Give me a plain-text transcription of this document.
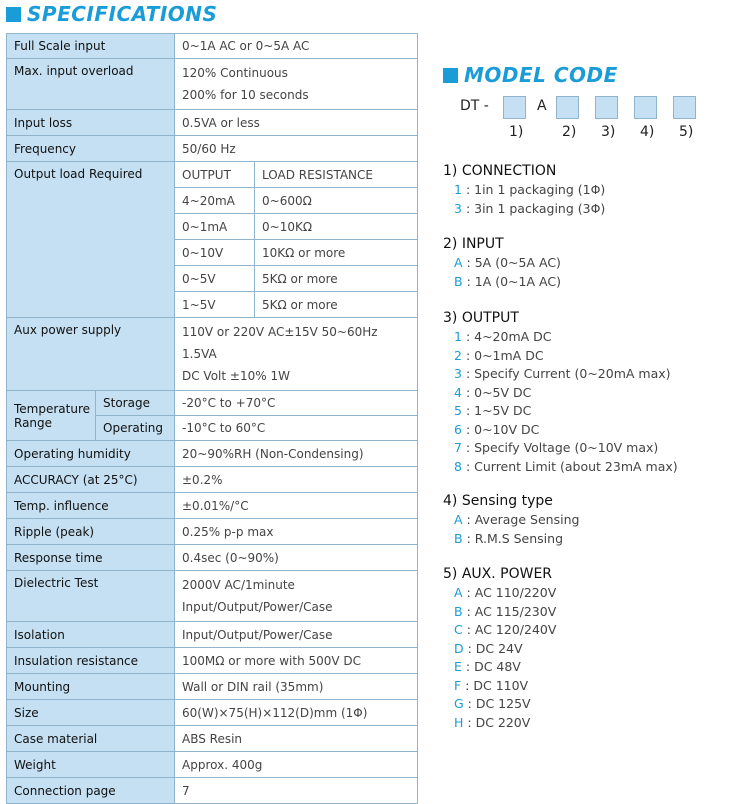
SPECIFICATIONS
Full Scale input		0~1A AC or 0~5A AC	
Max. input overload		120% Continuous
200% for 10 seconds	

Input loss		0.5VA or less	
Frequency		50/60 Hz	
Output load Required		OUTPUT	LOAD RESISTANCE
		4~20mA	0~600Ω
		0~1mA	0~10KΩ
		0~10V	10KΩ or more
		0~5V	5KΩ or more
		1~5V	5KΩ or more
Aux power supply		110V or 220V AC±15V 50~60Hz 1.5VA
DC Volt ±10% 1W	

Temperature
Range	Storage	-20°C to +70°C	
	Operating	-10°C to 60°C	
Operating humidity		20~90%RH (Non-Condensing)	
ACCURACY (at 25°C)		±0.2%	
Temp. influence		±0.01%/°C	
Ripple (peak)		0.25% p-p max	
Response time		0.4sec (0~90%)	
Dielectric Test		2000V AC/1minute
Input/Output/Power/Case	

Isolation		Input/Output/Power/Case	
Insulation resistance		100MΩ or more with 500V DC	
Mounting		Wall or DIN rail (35mm)	
Size		60(W)×75(H)×112(D)mm (1Φ)	
Case material		ABS Resin	
Weight		Approx. 400g	
Connection page		7	
MODEL CODE
DT -	A
1)	2) 3) 4) 5)
1) CONNECTION
1 : 1in 1 packaging (1Φ)
3 : 3in 1 packaging (3Φ)
2) INPUT
A : 5A (0~5A AC)
B : 1A (0~1A AC)
3) OUTPUT
1 : 4~20mA DC
2 : 0~1mA DC
3 : Specify Current (0~20mA max)
4 : 0~5V DC
5 : 1~5V DC
6 : 0~10V DC
7 : Specify Voltage (0~10V max)
8 : Current Limit (about 23mA max)
4) Sensing type
A : Average Sensing
B : R.M.S Sensing
5) AUX. POWER
A : AC 110/220V
B : AC 115/230V
C : AC 120/240V
D : DC 24V
E : DC 48V
F : DC 110V
G : DC 125V
H : DC 220V
